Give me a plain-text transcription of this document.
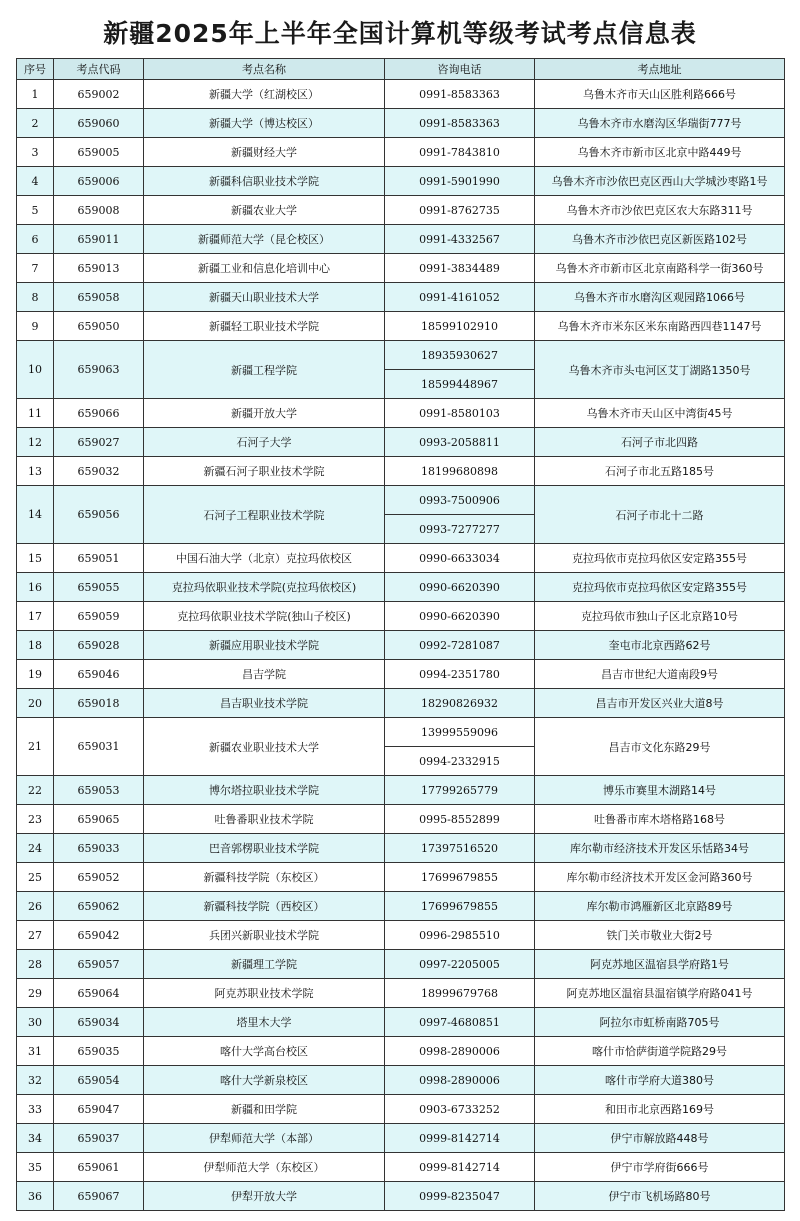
新疆2025年上半年全国计算机等级考试考点信息表
序号	考点代码	考点名称	咨询电话	考点地址
1	659002	新疆大学（红湖校区）	0991-8583363	乌鲁木齐市天山区胜利路666号
2	659060	新疆大学（博达校区）	0991-8583363	乌鲁木齐市水磨沟区华瑞街777号
3	659005	新疆财经大学	0991-7843810	乌鲁木齐市新市区北京中路449号
4	659006	新疆科信职业技术学院	0991-5901990	乌鲁木齐市沙依巴克区西山大学城沙枣路1号
5	659008	新疆农业大学	0991-8762735	乌鲁木齐市沙依巴克区农大东路311号
6	659011	新疆师范大学（昆仑校区）	0991-4332567	乌鲁木齐市沙依巴克区新医路102号
7	659013	新疆工业和信息化培训中心	0991-3834489	乌鲁木齐市新市区北京南路科学一街360号
8	659058	新疆天山职业技术大学	0991-4161052	乌鲁木齐市水磨沟区观园路1066号
9	659050	新疆轻工职业技术学院	18599102910	乌鲁木齐市米东区米东南路西四巷1147号
10	659063	新疆工程学院	18935930627	乌鲁木齐市头屯河区艾丁湖路1350号
			18599448967	
11	659066	新疆开放大学	0991-8580103	乌鲁木齐市天山区中湾街45号
12	659027	石河子大学	0993-2058811	石河子市北四路
13	659032	新疆石河子职业技术学院	18199680898	石河子市北五路185号
14	659056	石河子工程职业技术学院	0993-7500906	石河子市北十二路
			0993-7277277	
15	659051	中国石油大学（北京）克拉玛依校区	0990-6633034	克拉玛依市克拉玛依区安定路355号
16	659055	克拉玛依职业技术学院(克拉玛依校区)	0990-6620390	克拉玛依市克拉玛依区安定路355号
17	659059	克拉玛依职业技术学院(独山子校区)	0990-6620390	克拉玛依市独山子区北京路10号
18	659028	新疆应用职业技术学院	0992-7281087	奎屯市北京西路62号
19	659046	昌吉学院	0994-2351780	昌吉市世纪大道南段9号
20	659018	昌吉职业技术学院	18290826932	昌吉市开发区兴业大道8号
21	659031	新疆农业职业技术大学	13999559096	昌吉市文化东路29号
			0994-2332915	
22	659053	博尔塔拉职业技术学院	17799265779	博乐市赛里木湖路14号
23	659065	吐鲁番职业技术学院	0995-8552899	吐鲁番市库木塔格路168号
24	659033	巴音郭楞职业技术学院	17397516520	库尔勒市经济技术开发区乐恬路34号
25	659052	新疆科技学院（东校区）	17699679855	库尔勒市经济技术开发区金河路360号
26	659062	新疆科技学院（西校区）	17699679855	库尔勒市鸿雁新区北京路89号
27	659042	兵团兴新职业技术学院	0996-2985510	铁门关市敬业大街2号
28	659057	新疆理工学院	0997-2205005	阿克苏地区温宿县学府路1号
29	659064	阿克苏职业技术学院	18999679768	阿克苏地区温宿县温宿镇学府路041号
30	659034	塔里木大学	0997-4680851	阿拉尔市虹桥南路705号
31	659035	喀什大学高台校区	0998-2890006	喀什市恰萨街道学院路29号
32	659054	喀什大学新泉校区	0998-2890006	喀什市学府大道380号
33	659047	新疆和田学院	0903-6733252	和田市北京西路169号
34	659037	伊犁师范大学（本部）	0999-8142714	伊宁市解放路448号
35	659061	伊犁师范大学（东校区）	0999-8142714	伊宁市学府街666号
36	659067	伊犁开放大学	0999-8235047	伊宁市飞机场路80号
